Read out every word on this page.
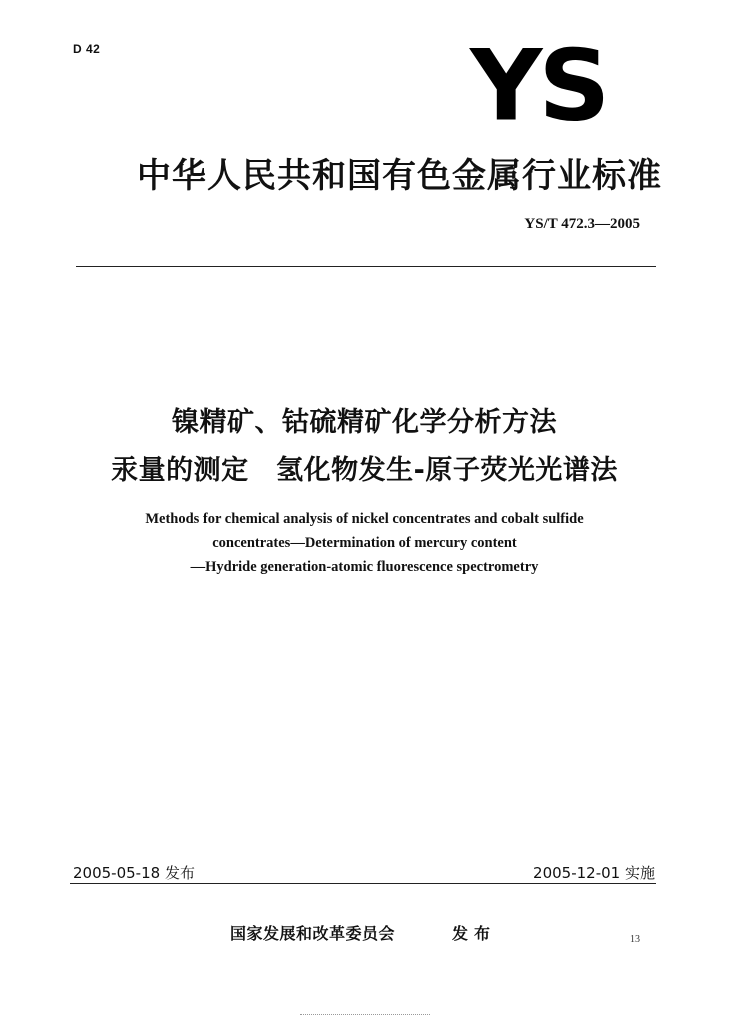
D 42	YS
中华人民共和国有色金属行业标准
YS/T 472.3—2005
镍精矿、钴硫精矿化学分析方法
汞量的测定　氢化物发生-原子荧光光谱法
Methods for chemical analysis of nickel concentrates and cobalt sulfide
concentrates—Determination of mercury content
—Hydride generation-atomic fluorescence spectrometry
2005-05-18 发布	2005-12-01 实施
国家发展和改革委员会	发布	13
